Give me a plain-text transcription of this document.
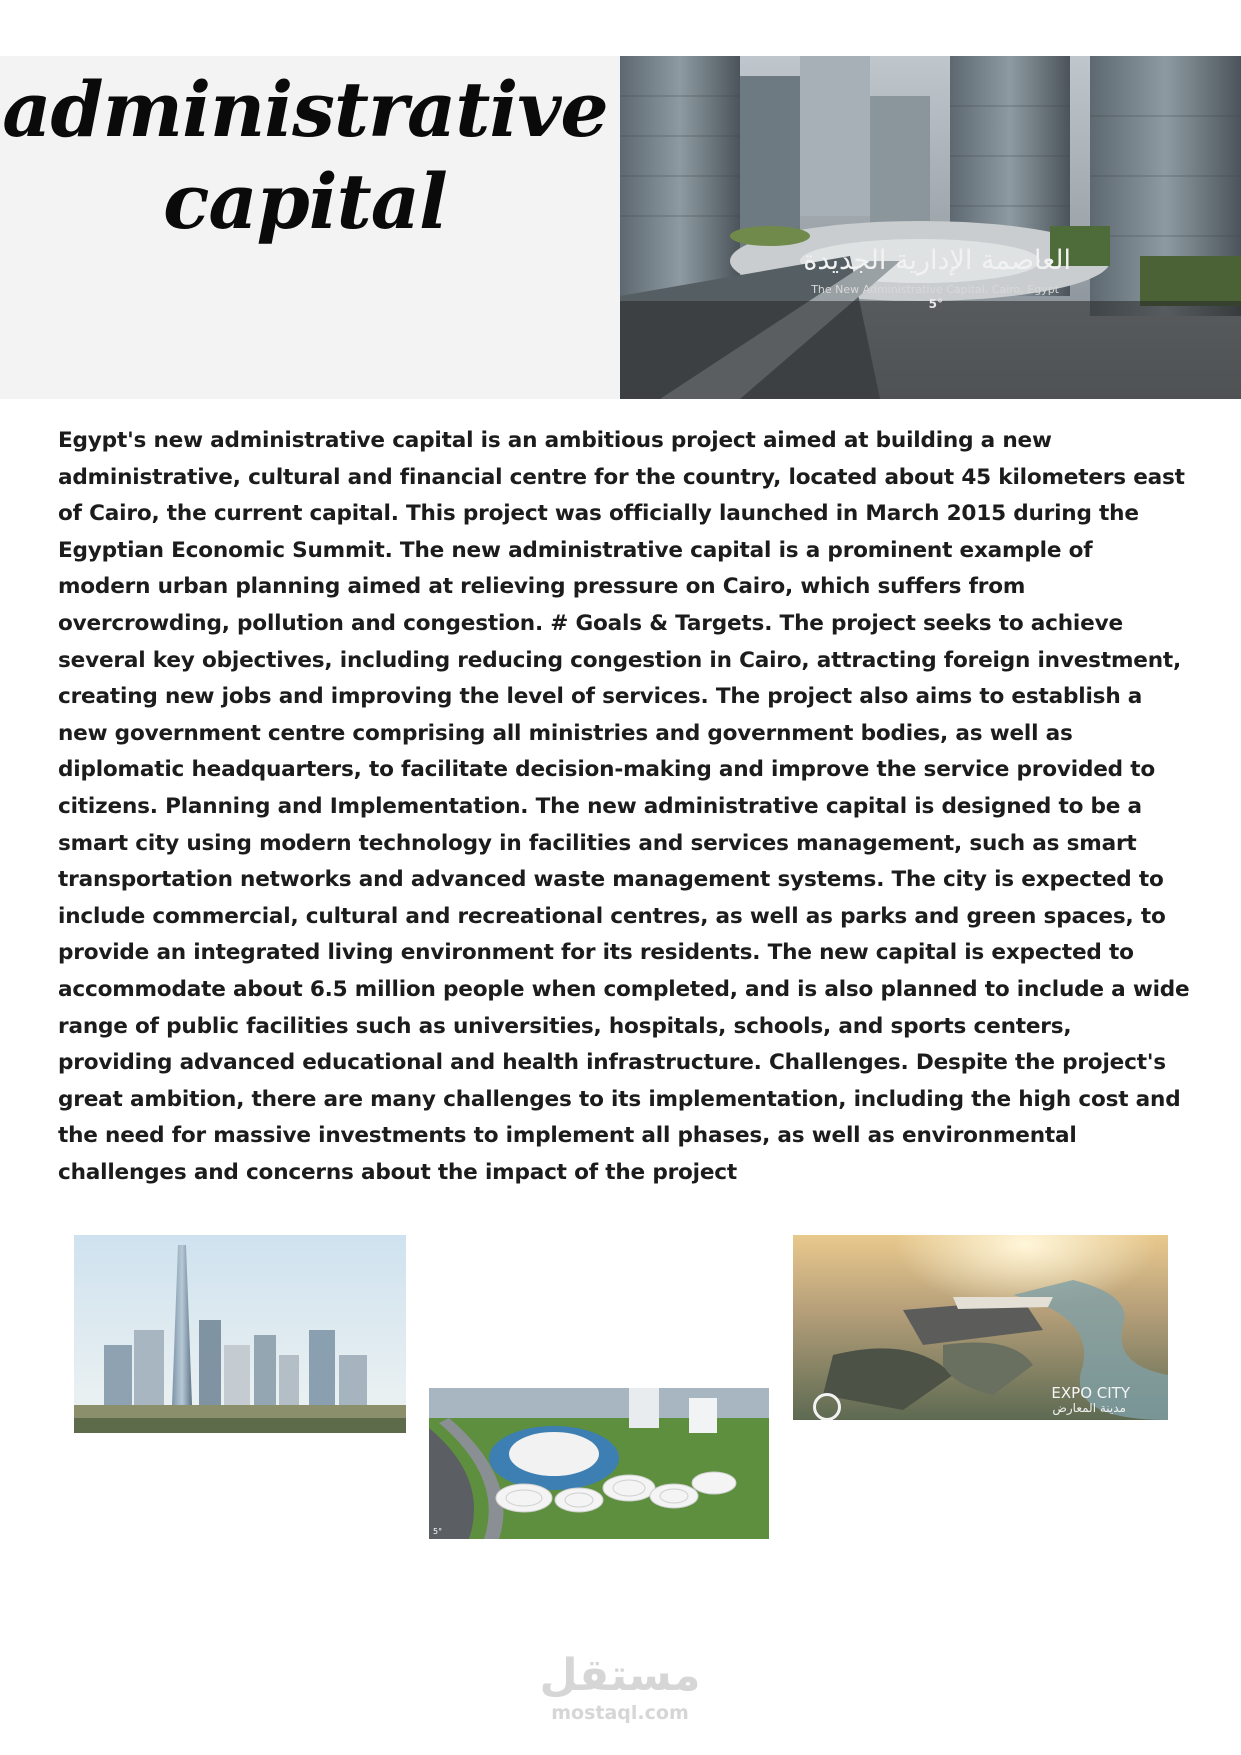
administrative
capital
العاصمة الإدارية الجديدة
The New Administrative Capital, Cairo, Egypt
5°
Egypt's new administrative capital is an ambitious project aimed at building a new administrative, cultural and financial centre for the country, located about 45 kilometers east of Cairo, the current capital. This project was officially launched in March 2015 during the Egyptian Economic Summit. The new administrative capital is a prominent example of modern urban planning aimed at relieving pressure on Cairo, which suffers from overcrowding, pollution and congestion. # Goals & Targets. The project seeks to achieve several key objectives, including reducing congestion in Cairo, attracting foreign investment, creating new jobs and improving the level of services. The project also aims to establish a new government centre comprising all ministries and government bodies, as well as diplomatic headquarters, to facilitate decision-making and improve the service provided to citizens. Planning and Implementation. The new administrative capital is designed to be a smart city using modern technology in facilities and services management, such as smart transportation networks and advanced waste management systems. The city is expected to include commercial, cultural and recreational centres, as well as parks and green spaces, to provide an integrated living environment for its residents. The new capital is expected to accommodate about 6.5 million people when completed, and is also planned to include a wide range of public facilities such as universities, hospitals, schools, and sports centers, providing advanced educational and health infrastructure. Challenges. Despite the project's great ambition, there are many challenges to its implementation, including the high cost and the need for massive investments to implement all phases, as well as environmental challenges and concerns about the impact of the project
5°
EXPO CITY
مدينة المعارض
مستقل
mostaql.com
